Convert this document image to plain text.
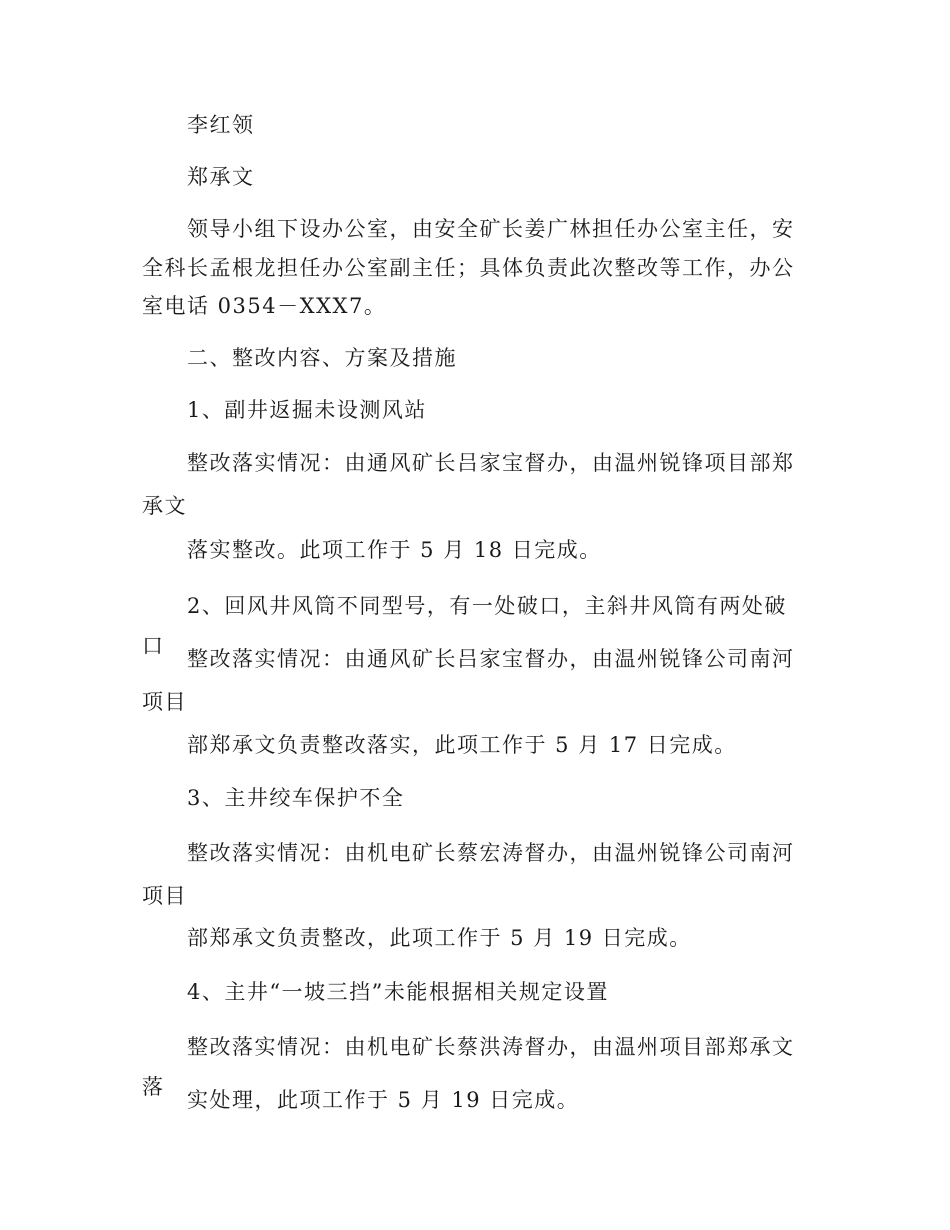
李红领

郑承文

领导小组下设办公室，由安全矿长姜广林担任办公室主任，安全科长孟根龙担任办公室副主任；具体负责此次整改等工作，办公室电话 0354－XXX7。

二、整改内容、方案及措施

1、副井返掘未设测风站

整改落实情况：由通风矿长吕家宝督办，由温州锐锋项目部郑承文

落实整改。此项工作于 5 月 18 日完成。

2、回风井风筒不同型号，有一处破口，主斜井风筒有两处破口

整改落实情况：由通风矿长吕家宝督办，由温州锐锋公司南河项目

部郑承文负责整改落实，此项工作于 5 月 17 日完成。

3、主井绞车保护不全

整改落实情况：由机电矿长蔡宏涛督办，由温州锐锋公司南河项目

部郑承文负责整改，此项工作于 5 月 19 日完成。

4、主井“一坡三挡”未能根据相关规定设置

整改落实情况：由机电矿长蔡洪涛督办，由温州项目部郑承文落

实处理，此项工作于 5 月 19 日完成。
